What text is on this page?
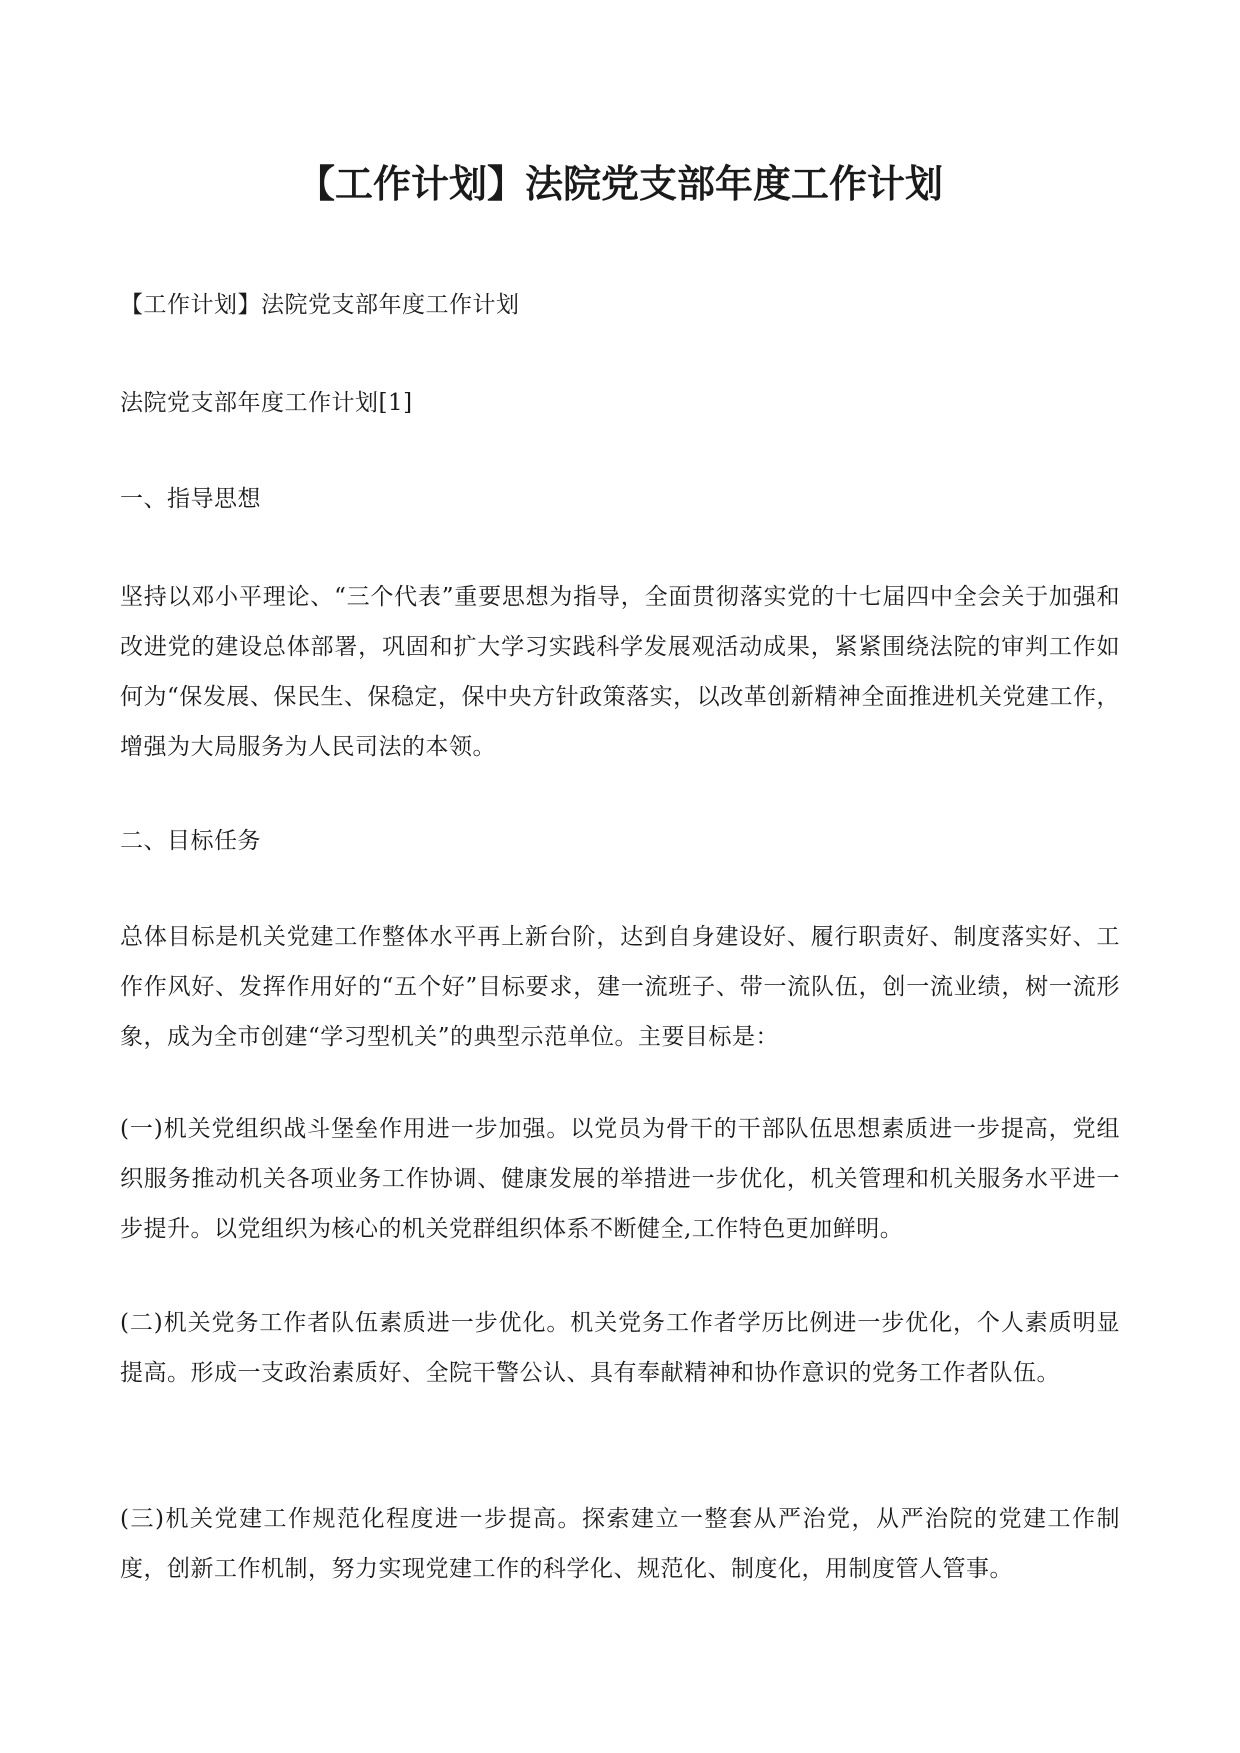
【工作计划】法院党支部年度工作计划

【工作计划】法院党支部年度工作计划

法院党支部年度工作计划[1]

一、指导思想

坚持以邓小平理论、“三个代表”重要思想为指导，全面贯彻落实党的十七届四中全会关于加强和改进党的建设总体部署，巩固和扩大学习实践科学发展观活动成果，紧紧围绕法院的审判工作如何为“保发展、保民生、保稳定，保中央方针政策落实，以改革创新精神全面推进机关党建工作，增强为大局服务为人民司法的本领。

二、目标任务

总体目标是机关党建工作整体水平再上新台阶，达到自身建设好、履行职责好、制度落实好、工作作风好、发挥作用好的“五个好”目标要求，建一流班子、带一流队伍，创一流业绩，树一流形象，成为全市创建“学习型机关”的典型示范单位。主要目标是：

(一)机关党组织战斗堡垒作用进一步加强。以党员为骨干的干部队伍思想素质进一步提高，党组织服务推动机关各项业务工作协调、健康发展的举措进一步优化，机关管理和机关服务水平进一步提升。以党组织为核心的机关党群组织体系不断健全,工作特色更加鲜明。

(二)机关党务工作者队伍素质进一步优化。机关党务工作者学历比例进一步优化，个人素质明显提高。形成一支政治素质好、全院干警公认、具有奉献精神和协作意识的党务工作者队伍。

(三)机关党建工作规范化程度进一步提高。探索建立一整套从严治党，从严治院的党建工作制度，创新工作机制，努力实现党建工作的科学化、规范化、制度化，用制度管人管事。
